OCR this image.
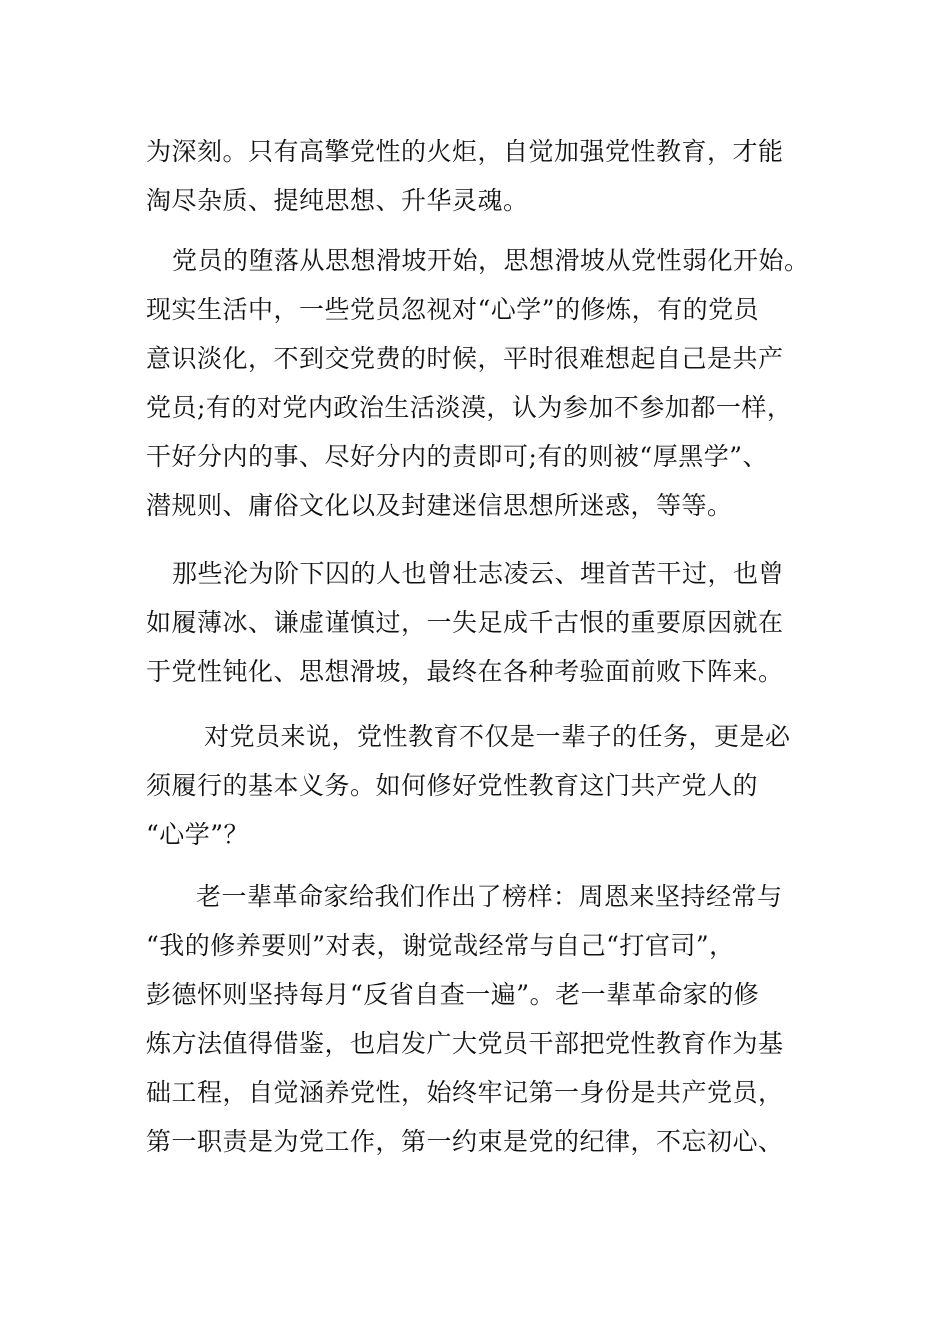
为深刻。只有高擎党性的火炬，自觉加强党性教育，才能

淘尽杂质、提纯思想、升华灵魂。

党员的堕落从思想滑坡开始，思想滑坡从党性弱化开始。

现实生活中，一些党员忽视对“心学”的修炼，有的党员

意识淡化，不到交党费的时候，平时很难想起自己是共产

党员;有的对党内政治生活淡漠，认为参加不参加都一样，

干好分内的事、尽好分内的责即可;有的则被“厚黑学”、

潜规则、庸俗文化以及封建迷信思想所迷惑，等等。

那些沦为阶下囚的人也曾壮志凌云、埋首苦干过，也曾

如履薄冰、谦虚谨慎过，一失足成千古恨的重要原因就在

于党性钝化、思想滑坡，最终在各种考验面前败下阵来。

对党员来说，党性教育不仅是一辈子的任务，更是必

须履行的基本义务。如何修好党性教育这门共产党人的

“心学”？

老一辈革命家给我们作出了榜样：周恩来坚持经常与

“我的修养要则”对表，谢觉哉经常与自己“打官司”，

彭德怀则坚持每月“反省自查一遍”。老一辈革命家的修

炼方法值得借鉴，也启发广大党员干部把党性教育作为基

础工程，自觉涵养党性，始终牢记第一身份是共产党员，

第一职责是为党工作，第一约束是党的纪律，不忘初心、
